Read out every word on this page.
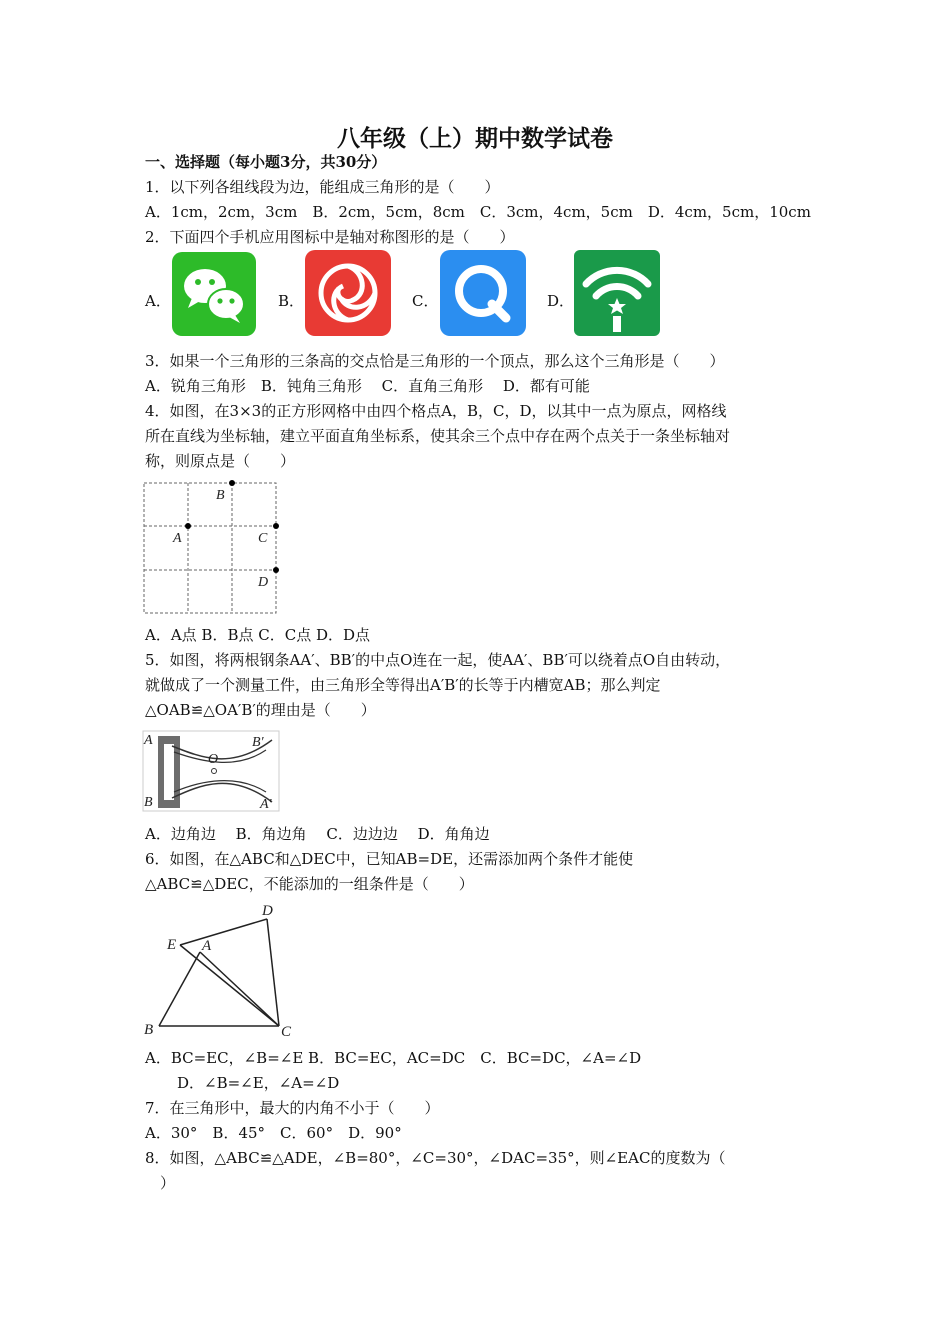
八年级（上）期中数学试卷
一、选择题（每小题3分，共30分）
1．以下列各组线段为边，能组成三角形的是（　　）
A．1cm，2cm，3cm　B．2cm，5cm，8cm　C．3cm，4cm，5cm　D．4cm，5cm，10cm
2．下面四个手机应用图标中是轴对称图形的是（　　）
A．	B．	C．	D．
3．如果一个三角形的三条高的交点恰是三角形的一个顶点，那么这个三角形是（　　）
A．锐角三角形　B．钝角三角形　 C．直角三角形　 D．都有可能
4．如图，在3×3的正方形网格中由四个格点A，B，C，D，以其中一点为原点，网格线
所在直线为坐标轴，建立平面直角坐标系，使其余三个点中存在两个点关于一条坐标轴对
称，则原点是（　　）
A
B
C
D
A．A点 B．B点 C．C点 D．D点
5．如图，将两根钢条AA′、BB′的中点O连在一起，使AA′、BB′可以绕着点O自由转动，
就做成了一个测量工件，由三角形全等得出A′B′的长等于内槽宽AB；那么判定
△OAB≌△OA′B′的理由是（　　）
A
B
O
B′
A′
A．边角边　 B．角边角　 C．边边边　 D．角角边
6．如图，在△ABC和△DEC中，已知AB=DE，还需添加两个条件才能使
△ABC≌△DEC，不能添加的一组条件是（　　）
D
E A
B	C
A．BC=EC，∠B=∠E B．BC=EC，AC=DC　C．BC=DC，∠A=∠D
D．∠B=∠E，∠A=∠D
7．在三角形中，最大的内角不小于（　　）
A．30°　B．45°　C．60°　D．90°
8．如图，△ABC≌△ADE，∠B=80°，∠C=30°，∠DAC=35°，则∠EAC的度数为（
）
